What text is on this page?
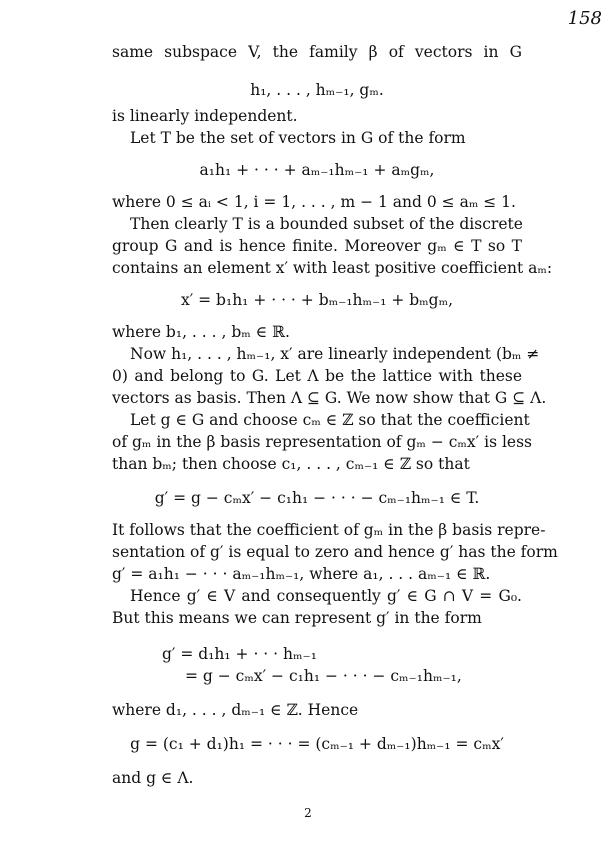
158
same subspace V, the family β of vectors in G
h₁, . . . , hₘ₋₁, gₘ.
is linearly independent.
Let T be the set of vectors in G of the form
a₁h₁ + · · · + aₘ₋₁hₘ₋₁ + aₘgₘ,
where 0 ≤ aᵢ < 1, i = 1, . . . , m − 1 and 0 ≤ aₘ ≤ 1.
Then clearly T is a bounded subset of the discrete
group G and is hence finite. Moreover gₘ ∈ T so T
contains an element x′ with least positive coefficient aₘ:
x′ = b₁h₁ + · · · + bₘ₋₁hₘ₋₁ + bₘgₘ,
where b₁, . . . , bₘ ∈ ℝ.
Now h₁, . . . , hₘ₋₁, x′ are linearly independent (bₘ ≠
0) and belong to G. Let Λ be the lattice with these
vectors as basis. Then Λ ⊆ G. We now show that G ⊆ Λ.
Let g ∈ G and choose cₘ ∈ ℤ so that the coefficient
of gₘ in the β basis representation of gₘ − cₘx′ is less
than bₘ; then choose c₁, . . . , cₘ₋₁ ∈ ℤ so that
g′ = g − cₘx′ − c₁h₁ − · · · − cₘ₋₁hₘ₋₁ ∈ T.
It follows that the coefficient of gₘ in the β basis repre-
sentation of g′ is equal to zero and hence g′ has the form
g′ = a₁h₁ − · · · aₘ₋₁hₘ₋₁, where a₁, . . . aₘ₋₁ ∈ ℝ.
Hence g′ ∈ V and consequently g′ ∈ G ∩ V = G₀.
But this means we can represent g′ in the form
g′ = d₁h₁ + · · · hₘ₋₁
= g − cₘx′ − c₁h₁ − · · · − cₘ₋₁hₘ₋₁,
where d₁, . . . , dₘ₋₁ ∈ ℤ. Hence
g = (c₁ + d₁)h₁ = · · · = (cₘ₋₁ + dₘ₋₁)hₘ₋₁ = cₘx′
and g ∈ Λ.
2
